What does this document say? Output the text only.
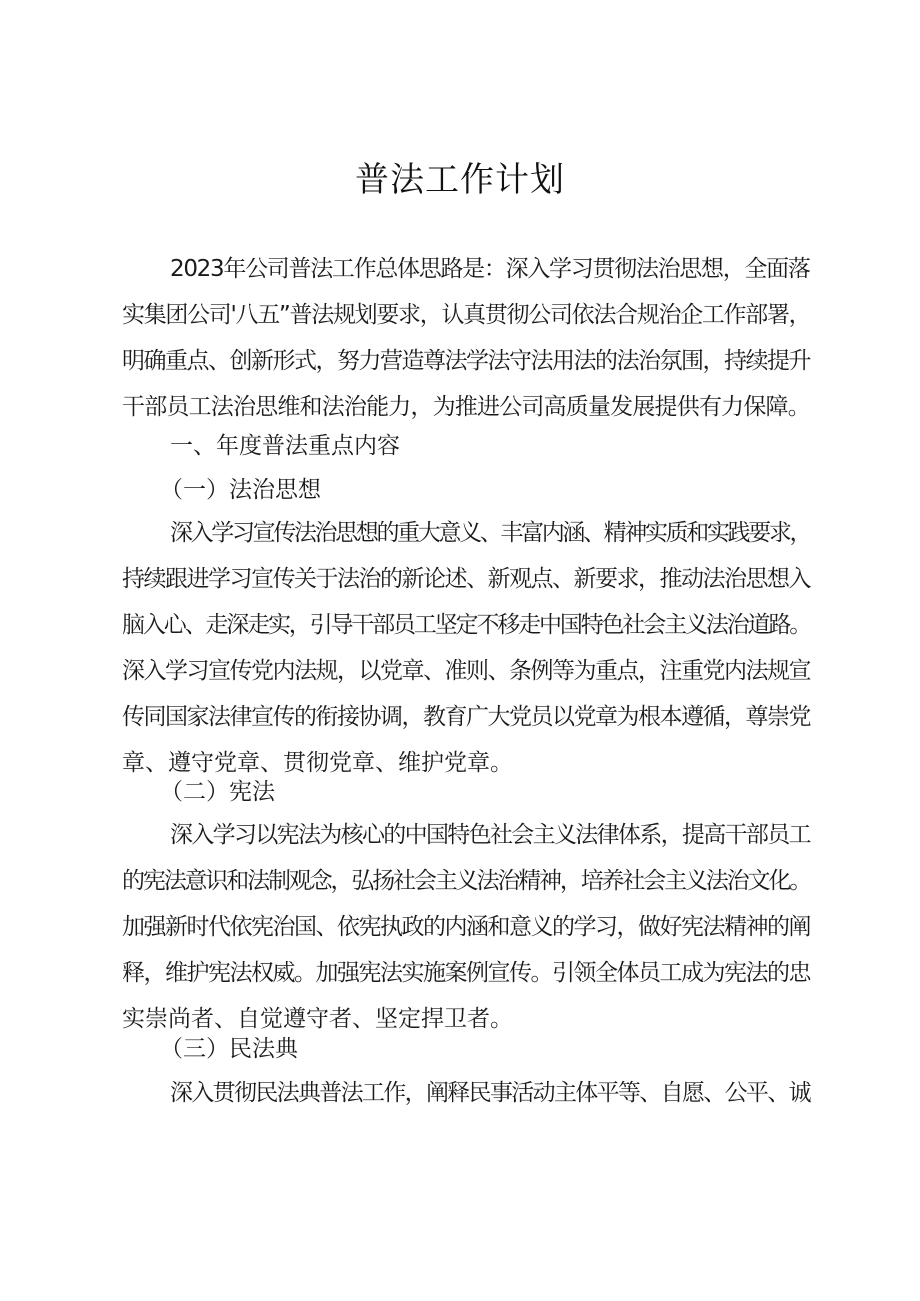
普法工作计划
2023年公司普法工作总体思路是：深入学习贯彻法治思想，全面落
实集团公司'八五”普法规划要求，认真贯彻公司依法合规治企工作部署，
明确重点、创新形式，努力营造尊法学法守法用法的法治氛围，持续提升
干部员工法治思维和法治能力，为推进公司高质量发展提供有力保障。
一、年度普法重点内容
（一）法治思想
深入学习宣传法治思想的重大意义、丰富内涵、精神实质和实践要求，
持续跟进学习宣传关于法治的新论述、新观点、新要求，推动法治思想入
脑入心、走深走实，引导干部员工坚定不移走中国特色社会主义法治道路。
深入学习宣传党内法规，以党章、准则、条例等为重点，注重党内法规宣
传同国家法律宣传的衔接协调，教育广大党员以党章为根本遵循，尊崇党
章、遵守党章、贯彻党章、维护党章。
（二）宪法
深入学习以宪法为核心的中国特色社会主义法律体系，提高干部员工
的宪法意识和法制观念，弘扬社会主义法治精神，培养社会主义法治文化。
加强新时代依宪治国、依宪执政的内涵和意义的学习，做好宪法精神的阐
释，维护宪法权威。加强宪法实施案例宣传。引领全体员工成为宪法的忠
实崇尚者、自觉遵守者、坚定捍卫者。
（三）民法典
深入贯彻民法典普法工作，阐释民事活动主体平等、自愿、公平、诚
